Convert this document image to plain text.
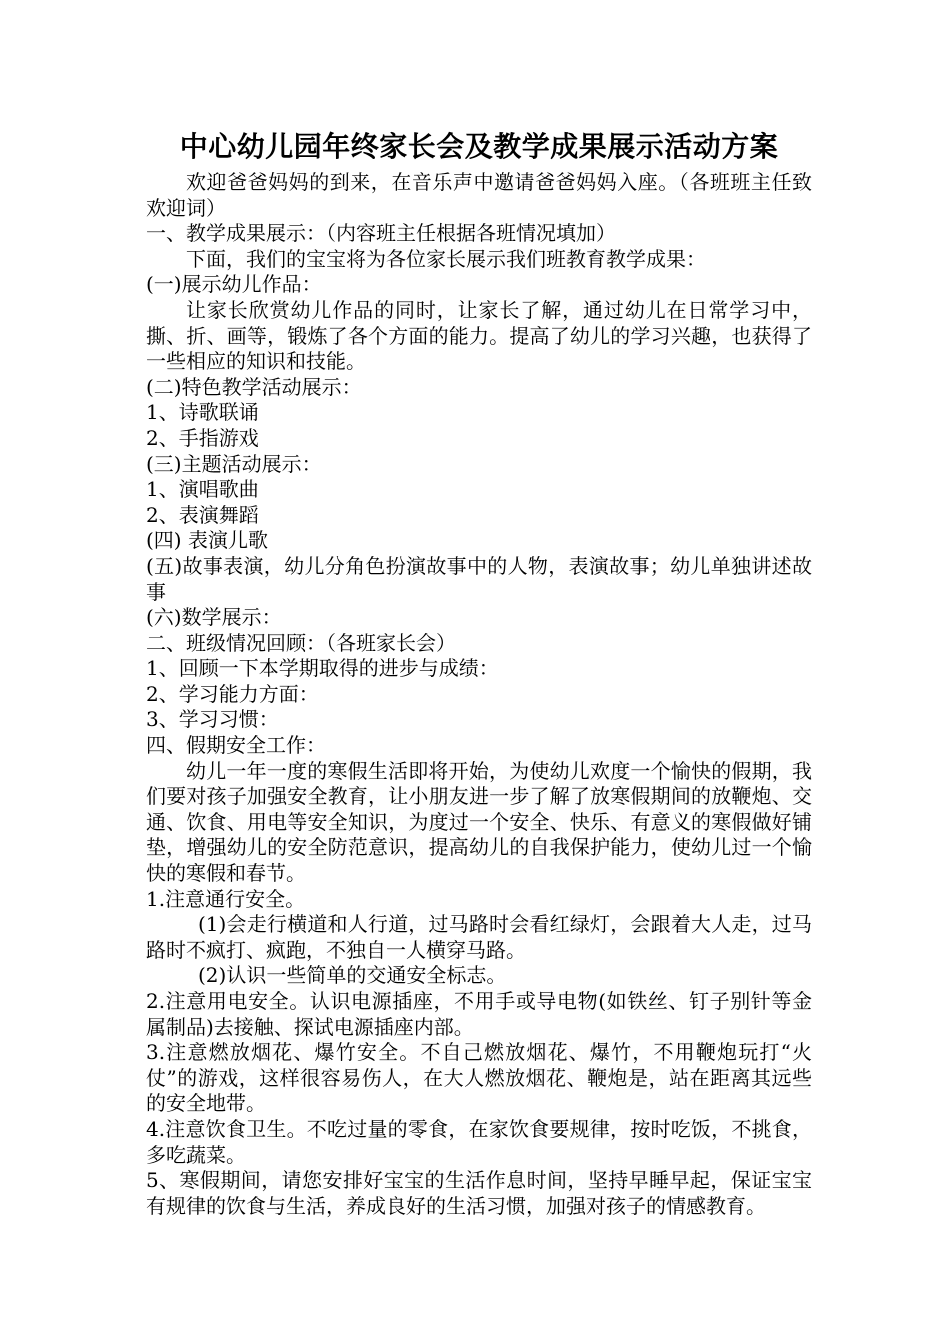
中心幼儿园年终家长会及教学成果展示活动方案

欢迎爸爸妈妈的到来，在音乐声中邀请爸爸妈妈入座。（各班班主任致欢迎词）

一、教学成果展示：（内容班主任根据各班情况填加）

下面，我们的宝宝将为各位家长展示我们班教育教学成果：

(一)展示幼儿作品：

让家长欣赏幼儿作品的同时，让家长了解，通过幼儿在日常学习中，撕、折、画等，锻炼了各个方面的能力。提高了幼儿的学习兴趣，也获得了一些相应的知识和技能。

(二)特色教学活动展示：

1、诗歌联诵

2、手指游戏

(三)主题活动展示：

1、演唱歌曲

2、表演舞蹈

(四) 表演儿歌

(五)故事表演，幼儿分角色扮演故事中的人物，表演故事；幼儿单独讲述故事

(六)数学展示：

二、班级情况回顾：（各班家长会）

1、回顾一下本学期取得的进步与成绩：

2、学习能力方面：

3、学习习惯：

四、假期安全工作：

幼儿一年一度的寒假生活即将开始，为使幼儿欢度一个愉快的假期，我们要对孩子加强安全教育，让小朋友进一步了解了放寒假期间的放鞭炮、交通、饮食、用电等安全知识，为度过一个安全、快乐、有意义的寒假做好铺垫，增强幼儿的安全防范意识，提高幼儿的自我保护能力，使幼儿过一个愉快的寒假和春节。

1.注意通行安全。

(1)会走行横道和人行道，过马路时会看红绿灯，会跟着大人走，过马路时不疯打、疯跑，不独自一人横穿马路。

(2)认识一些简单的交通安全标志。

2.注意用电安全。认识电源插座，不用手或导电物(如铁丝、钉子别针等金属制品)去接触、探试电源插座内部。

3.注意燃放烟花、爆竹安全。不自己燃放烟花、爆竹，不用鞭炮玩打“火仗”的游戏，这样很容易伤人，在大人燃放烟花、鞭炮是，站在距离其远些的安全地带。

4.注意饮食卫生。不吃过量的零食，在家饮食要规律，按时吃饭，不挑食，多吃蔬菜。

5、寒假期间，请您安排好宝宝的生活作息时间，坚持早睡早起，保证宝宝有规律的饮食与生活，养成良好的生活习惯，加强对孩子的情感教育。
